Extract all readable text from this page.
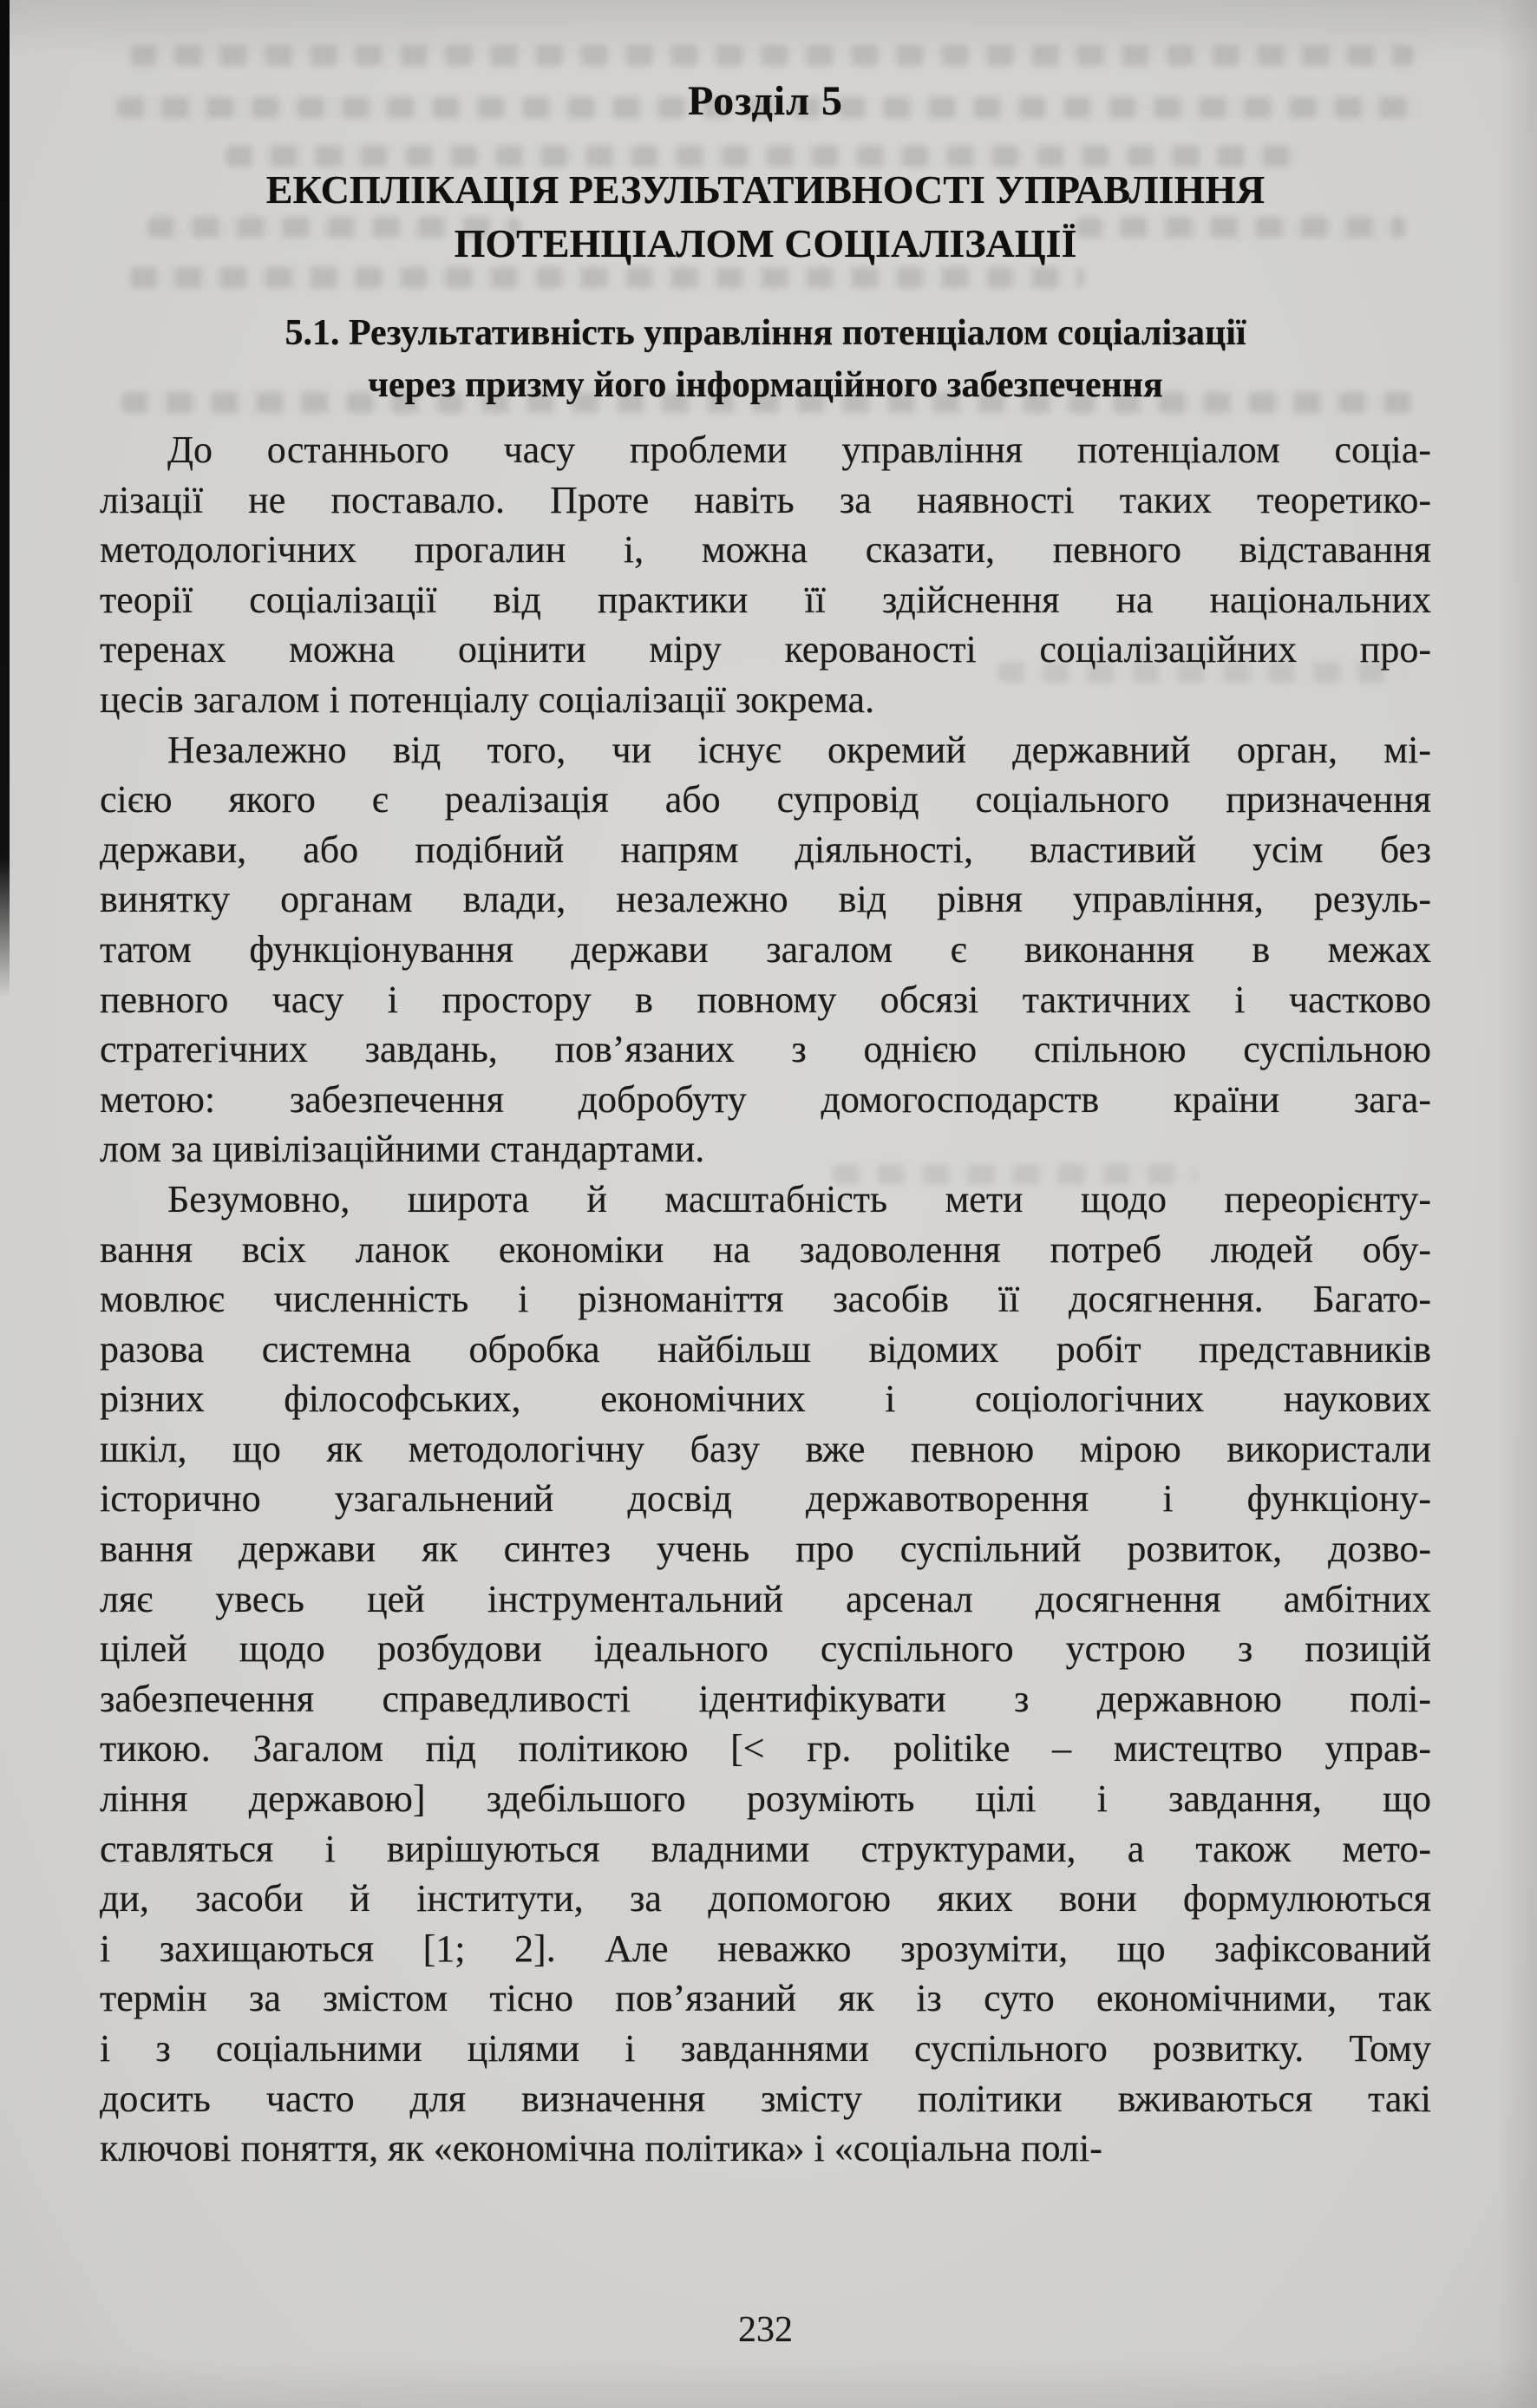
Розділ 5
ЕКСПЛІКАЦІЯ РЕЗУЛЬТАТИВНОСТІ УПРАВЛІННЯ
ПОТЕНЦІАЛОМ СОЦІАЛІЗАЦІЇ
5.1. Результативність управління потенціалом соціалізації
через призму його інформаційного забезпечення
До останнього часу проблеми управління потенціалом соціа-
лізації не поставало. Проте навіть за наявності таких теоретико-
методологічних прогалин і, можна сказати, певного відставання
теорії соціалізації від практики її здійснення на національних
теренах можна оцінити міру керованості соціалізаційних про-
цесів загалом і потенціалу соціалізації зокрема.
Незалежно від того, чи існує окремий державний орган, мі-
сією якого є реалізація або супровід соціального призначення
держави, або подібний напрям діяльності, властивий усім без
винятку органам влади, незалежно від рівня управління, резуль-
татом функціонування держави загалом є виконання в межах
певного часу і простору в повному обсязі тактичних і частково
стратегічних завдань, пов’язаних з однією спільною суспільною
метою: забезпечення добробуту домогосподарств країни зага-
лом за цивілізаційними стандартами.
Безумовно, широта й масштабність мети щодо переорієнту-
вання всіх ланок економіки на задоволення потреб людей обу-
мовлює численність і різноманіття засобів її досягнення. Багато-
разова системна обробка найбільш відомих робіт представників
різних філософських, економічних і соціологічних наукових
шкіл, що як методологічну базу вже певною мірою використали
історично узагальнений досвід державотворення і функціону-
вання держави як синтез учень про суспільний розвиток, дозво-
ляє увесь цей інструментальний арсенал досягнення амбітних
цілей щодо розбудови ідеального суспільного устрою з позицій
забезпечення справедливості ідентифікувати з державною полі-
тикою. Загалом під політикою [< гр. politike – мистецтво управ-
ління державою] здебільшого розуміють цілі і завдання, що
ставляться і вирішуються владними структурами, а також мето-
ди, засоби й інститути, за допомогою яких вони формулюються
і захищаються [1; 2]. Але неважко зрозуміти, що зафіксований
термін за змістом тісно пов’язаний як із суто економічними, так
і з соціальними цілями і завданнями суспільного розвитку. Тому
досить часто для визначення змісту політики вживаються такі
ключові поняття, як «економічна політика» і «соціальна полі-
232
